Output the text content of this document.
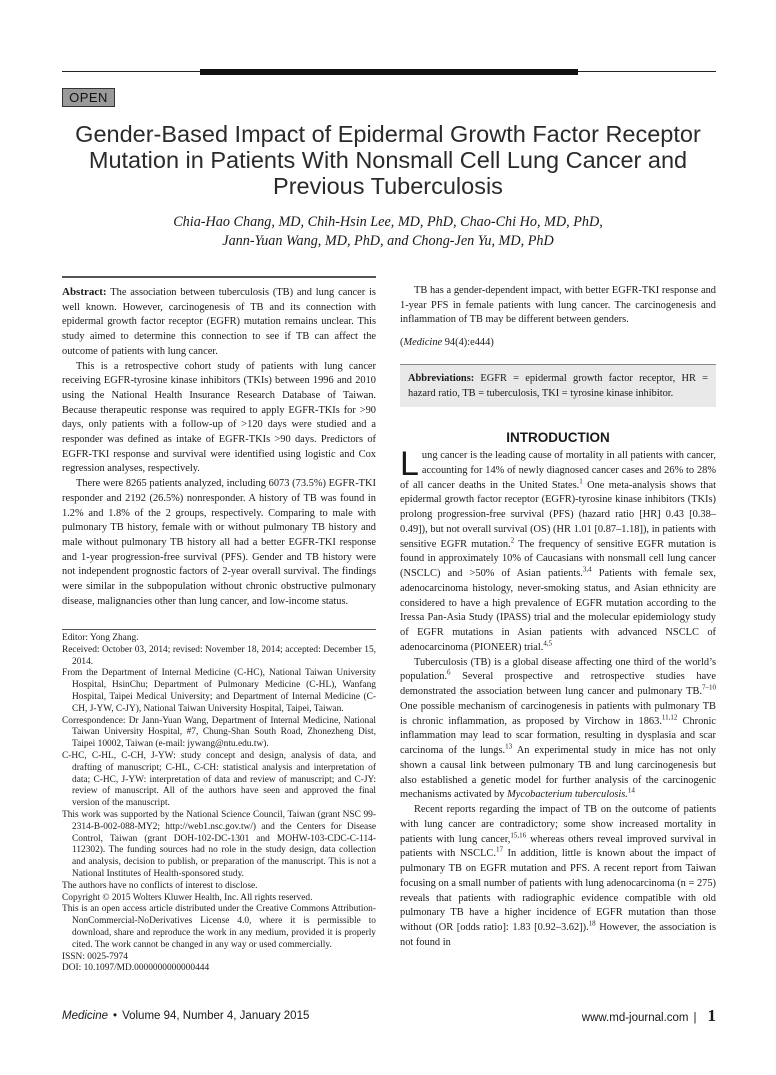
OPEN
Gender-Based Impact of Epidermal Growth Factor Receptor
Mutation in Patients With Nonsmall Cell Lung Cancer and
Previous Tuberculosis
Chia-Hao Chang, MD, Chih-Hsin Lee, MD, PhD, Chao-Chi Ho, MD, PhD,
Jann-Yuan Wang, MD, PhD, and Chong-Jen Yu, MD, PhD

Abstract: The association between tuberculosis (TB) and lung cancer is well known. However, carcinogenesis of TB and its connection with epidermal growth factor receptor (EGFR) mutation remains unclear. This study aimed to determine this connection to see if TB can affect the outcome of patients with lung cancer.

This is a retrospective cohort study of patients with lung cancer receiving EGFR-tyrosine kinase inhibitors (TKIs) between 1996 and 2010 using the National Health Insurance Research Database of Taiwan. Because therapeutic response was required to apply EGFR-TKIs for >90 days, only patients with a follow-up of >120 days were studied and a responder was defined as intake of EGFR-TKIs >90 days. Predictors of EGFR-TKI response and survival were identified using logistic and Cox regression analyses, respectively.

There were 8265 patients analyzed, including 6073 (73.5%) EGFR-TKI responder and 2192 (26.5%) nonresponder. A history of TB was found in 1.2% and 1.8% of the 2 groups, respectively. Comparing to male with pulmonary TB history, female with or without pulmonary TB history and male without pulmonary TB history all had a better EGFR-TKI response and 1-year progression-free survival (PFS). Gender and TB history were not independent prognostic factors of 2-year overall survival. The findings were similar in the subpopulation without chronic obstructive pulmonary disease, malignancies other than lung cancer, and low-income status.

Editor: Yong Zhang.

Received: October 03, 2014; revised: November 18, 2014; accepted: December 15, 2014.

From the Department of Internal Medicine (C-HC), National Taiwan University Hospital, HsinChu; Department of Pulmonary Medicine (C-HL), Wanfang Hospital, Taipei Medical University; and Department of Internal Medicine (C-CH, J-YW, C-JY), National Taiwan University Hospital, Taipei, Taiwan.

Correspondence: Dr Jann-Yuan Wang, Department of Internal Medicine, National Taiwan University Hospital, #7, Chung-Shan South Road, Zhonezheng Dist, Taipei 10002, Taiwan (e-mail: jywang@ntu.edu.tw).

C-HC, C-HL, C-CH, J-YW: study concept and design, analysis of data, and drafting of manuscript; C-HL, C-CH: statistical analysis and interpretation of data; C-HC, J-YW: interpretation of data and review of manuscript; and C-JY: review of manuscript. All of the authors have seen and approved the final version of the manuscript.

This work was supported by the National Science Council, Taiwan (grant NSC 99-2314-B-002-088-MY2; http://web1.nsc.gov.tw/) and the Centers for Disease Control, Taiwan (grant DOH-102-DC-1301 and MOHW-103-CDC-C-114-112302). The funding sources had no role in the study design, data collection and analysis, decision to publish, or preparation of the manuscript. This is not a National Institutes of Health-sponsored study.

The authors have no conflicts of interest to disclose.

Copyright © 2015 Wolters Kluwer Health, Inc. All rights reserved.

This is an open access article distributed under the Creative Commons Attribution-NonCommercial-NoDerivatives License 4.0, where it is permissible to download, share and reproduce the work in any medium, provided it is properly cited. The work cannot be changed in any way or used commercially.

ISSN: 0025-7974

DOI: 10.1097/MD.0000000000000444

TB has a gender-dependent impact, with better EGFR-TKI response and 1-year PFS in female patients with lung cancer. The carcinogenesis and inflammation of TB may be different between genders.

(Medicine 94(4):e444)

Abbreviations: EGFR = epidermal growth factor receptor, HR = hazard ratio, TB = tuberculosis, TKI = tyrosine kinase inhibitor.
INTRODUCTION

Lung cancer is the leading cause of mortality in all patients with cancer, accounting for 14% of newly diagnosed cancer cases and 26% to 28% of all cancer deaths in the United States.$^1$ One meta-analysis shows that epidermal growth factor receptor (EGFR)-tyrosine kinase inhibitors (TKIs) prolong progression-free survival (PFS) (hazard ratio [HR] 0.43 [0.38–0.49]), but not overall survival (OS) (HR 1.01 [0.87–1.18]), in patients with sensitive EGFR mutation.$^2$ The frequency of sensitive EGFR mutation is found in approximately 10% of Caucasians with nonsmall cell lung cancer (NSCLC) and >50% of Asian patients.$^{3,4}$ Patients with female sex, adenocarcinoma histology, never-smoking status, and Asian ethnicity are considered to have a high prevalence of EGFR mutation according to the Iressa Pan-Asia Study (IPASS) trial and the molecular epidemiology study of EGFR mutations in Asian patients with advanced NSCLC of adenocarcinoma (PIONEER) trial.$^{4,5}$

Tuberculosis (TB) is a global disease affecting one third of the world’s population.$^6$ Several prospective and retrospective studies have demonstrated the association between lung cancer and pulmonary TB.$^{7-10}$ One possible mechanism of carcinogenesis in patients with pulmonary TB is chronic inflammation, as proposed by Virchow in 1863.$^{11,12}$ Chronic inflammation may lead to scar formation, resulting in dysplasia and scar carcinoma of the lungs.$^{13}$ An experimental study in mice has not only shown a causal link between pulmonary TB and lung carcinogenesis but also established a genetic model for further analysis of the carcinogenic mechanisms activated by Mycobacterium tuberculosis.$^{14}$

Recent reports regarding the impact of TB on the outcome of patients with lung cancer are contradictory; some show increased mortality in patients with lung cancer,$^{15,16}$ whereas others reveal improved survival in patients with NSCLC.$^{17}$ In addition, little is known about the impact of pulmonary TB on EGFR mutation and PFS. A recent report from Taiwan focusing on a small number of patients with lung adenocarcinoma (n = 275) reveals that patients with radiographic evidence compatible with old pulmonary TB have a higher incidence of EGFR mutation than those without (OR [odds ratio]: 1.83 [0.92–3.62]).$^{18}$ However, the association is not found in

Medicine • Volume 94, Number 4, January 2015	www.md-journal.com | 1
